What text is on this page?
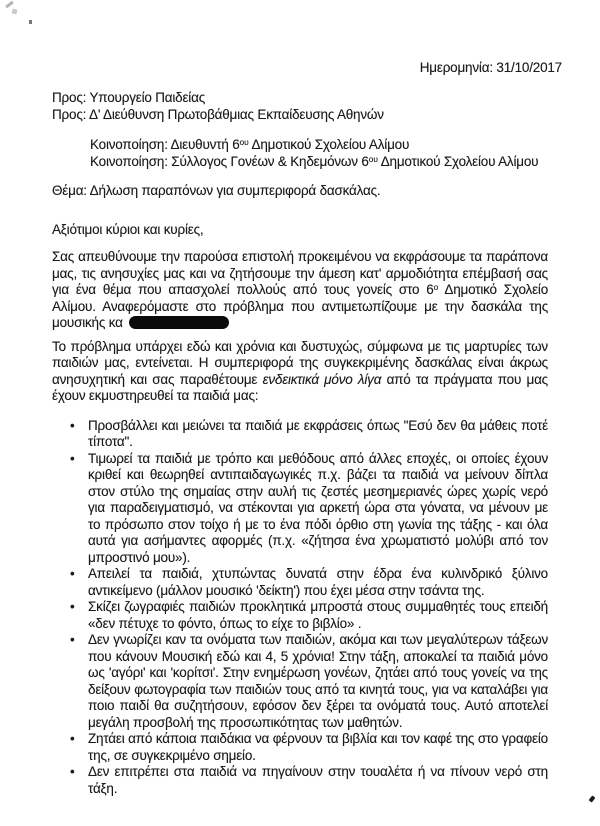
Ημερομηνία: 31/10/2017
Προς: Υπουργείο Παιδείας
Προς: Δ' Διεύθυνση Πρωτοβάθμιας Εκπαίδευσης Αθηνών
Κοινοποίηση: Διευθυντή $6^{o\upsilon}$ Δημοτικού Σχολείου Αλίμου
Κοινοποίηση: Σύλλογος Γονέων & Κηδεμόνων $6^{o\upsilon}$ Δημοτικού Σχολείου Αλίμου
Θέμα: Δήλωση παραπόνων για συμπεριφορά δασκάλας.
Αξιότιμοι κύριοι και κυρίες,

Σας απευθύνουμε την παρούσα επιστολή προκειμένου να εκφράσουμε τα παράπονα μας, τις ανησυχίες μας και να ζητήσουμε την άμεση κατ' αρμοδιότητα επέμβασή σας για ένα θέμα που απασχολεί πολλούς από τους γονείς στο $6^o$ Δημοτικό Σχολείο Αλίμου. Αναφερόμαστε στο πρόβλημα που αντιμετωπίζουμε με την δασκάλα της μουσικής κα

Το πρόβλημα υπάρχει εδώ και χρόνια και δυστυχώς, σύμφωνα με τις μαρτυρίες των παιδιών μας, εντείνεται. Η συμπεριφορά της συγκεκριμένης δασκάλας είναι άκρως ανησυχητική και σας παραθέτουμε ενδεικτικά μόνο λίγα από τα πράγματα που μας έχουν εκμυστηρευθεί τα παιδιά μας:

• Προσβάλλει και μειώνει τα παιδιά με εκφράσεις όπως "Εσύ δεν θα μάθεις ποτέ τίποτα".
• Τιμωρεί τα παιδιά με τρόπο και μεθόδους από άλλες εποχές, οι οποίες έχουν κριθεί και θεωρηθεί αντιπαιδαγωγικές π.χ. βάζει τα παιδιά να μείνουν δίπλα στον στύλο της σημαίας στην αυλή τις ζεστές μεσημεριανές ώρες χωρίς νερό για παραδειγματισμό, να στέκονται για αρκετή ώρα στα γόνατα, να μένουν με το πρόσωπο στον τοίχο ή με το ένα πόδι όρθιο στη γωνία της τάξης - και όλα αυτά για ασήμαντες αφορμές (π.χ. «ζήτησα ένα χρωματιστό μολύβι από τον μπροστινό μου»).
• Απειλεί τα παιδιά, χτυπώντας δυνατά στην έδρα ένα κυλινδρικό ξύλινο αντικείμενο (μάλλον μουσικό 'δείκτη') που έχει μέσα στην τσάντα της.
• Σκίζει ζωγραφιές παιδιών προκλητικά μπροστά στους συμμαθητές τους επειδή «δεν πέτυχε το φόντο, όπως το είχε το βιβλίο» .
• Δεν γνωρίζει καν τα ονόματα των παιδιών, ακόμα και των μεγαλύτερων τάξεων που κάνουν Μουσική εδώ και 4, 5 χρόνια! Στην τάξη, αποκαλεί τα παιδιά μόνο ως 'αγόρι' και 'κορίτσι'. Στην ενημέρωση γονέων, ζητάει από τους γονείς να της δείξουν φωτογραφία των παιδιών τους από τα κινητά τους, για να καταλάβει για ποιο παιδί θα συζητήσουν, εφόσον δεν ξέρει τα ονόματά τους. Αυτό αποτελεί μεγάλη προσβολή της προσωπικότητας των μαθητών.
• Ζητάει από κάποια παιδάκια να φέρνουν τα βιβλία και τον καφέ της στο γραφείο της, σε συγκεκριμένο σημείο.
• Δεν επιτρέπει στα παιδιά να πηγαίνουν στην τουαλέτα ή να πίνουν νερό στη τάξη.
